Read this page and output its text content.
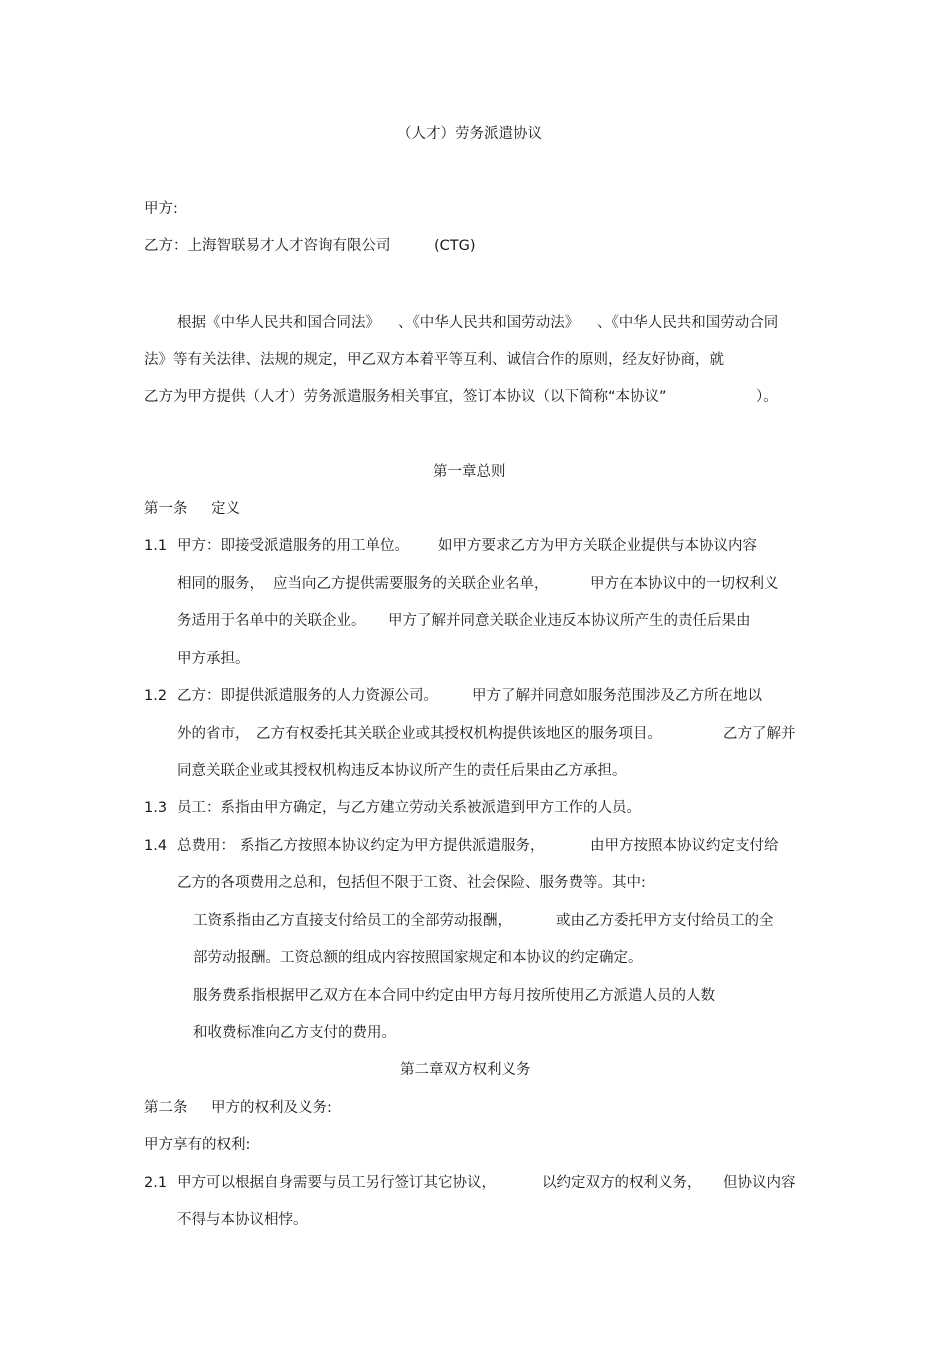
（人才）劳务派遣协议
甲方:
乙方：上海智联易才人才咨询有限公司	(CTG)
根据《中华人民共和国合同法》 、《中华人民共和国劳动法》 、《中华人民共和国劳动合同
法》等有关法律、法规的规定，甲乙双方本着平等互利、诚信合作的原则，经友好协商，就
乙方为甲方提供（人才）劳务派遣服务相关事宜，签订本协议（以下简称“本协议”	）。
第一章总则
第一条 定义
1.1 甲方：即接受派遣服务的用工单位。 如甲方要求乙方为甲方关联企业提供与本协议内容
相同的服务， 应当向乙方提供需要服务的关联企业名单，	甲方在本协议中的一切权利义
务适用于名单中的关联企业。 甲方了解并同意关联企业违反本协议所产生的责任后果由
甲方承担。
1.2 乙方：即提供派遣服务的人力资源公司。 甲方了解并同意如服务范围涉及乙方所在地以
外的省市， 乙方有权委托其关联企业或其授权机构提供该地区的服务项目。	乙方了解并
同意关联企业或其授权机构违反本协议所产生的责任后果由乙方承担。
1.3 员工：系指由甲方确定，与乙方建立劳动关系被派遣到甲方工作的人员。
1.4 总费用： 系指乙方按照本协议约定为甲方提供派遣服务，	由甲方按照本协议约定支付给
乙方的各项费用之总和，包括但不限于工资、社会保险、服务费等。其中:
工资系指由乙方直接支付给员工的全部劳动报酬，	或由乙方委托甲方支付给员工的全
部劳动报酬。工资总额的组成内容按照国家规定和本协议的约定确定。
服务费系指根据甲乙双方在本合同中约定由甲方每月按所使用乙方派遣人员的人数
和收费标准向乙方支付的费用。
第二章双方权利义务
第二条 甲方的权利及义务:
甲方享有的权利:
2.1 甲方可以根据自身需要与员工另行签订其它协议，	以约定双方的权利义务， 但协议内容
不得与本协议相悖。
